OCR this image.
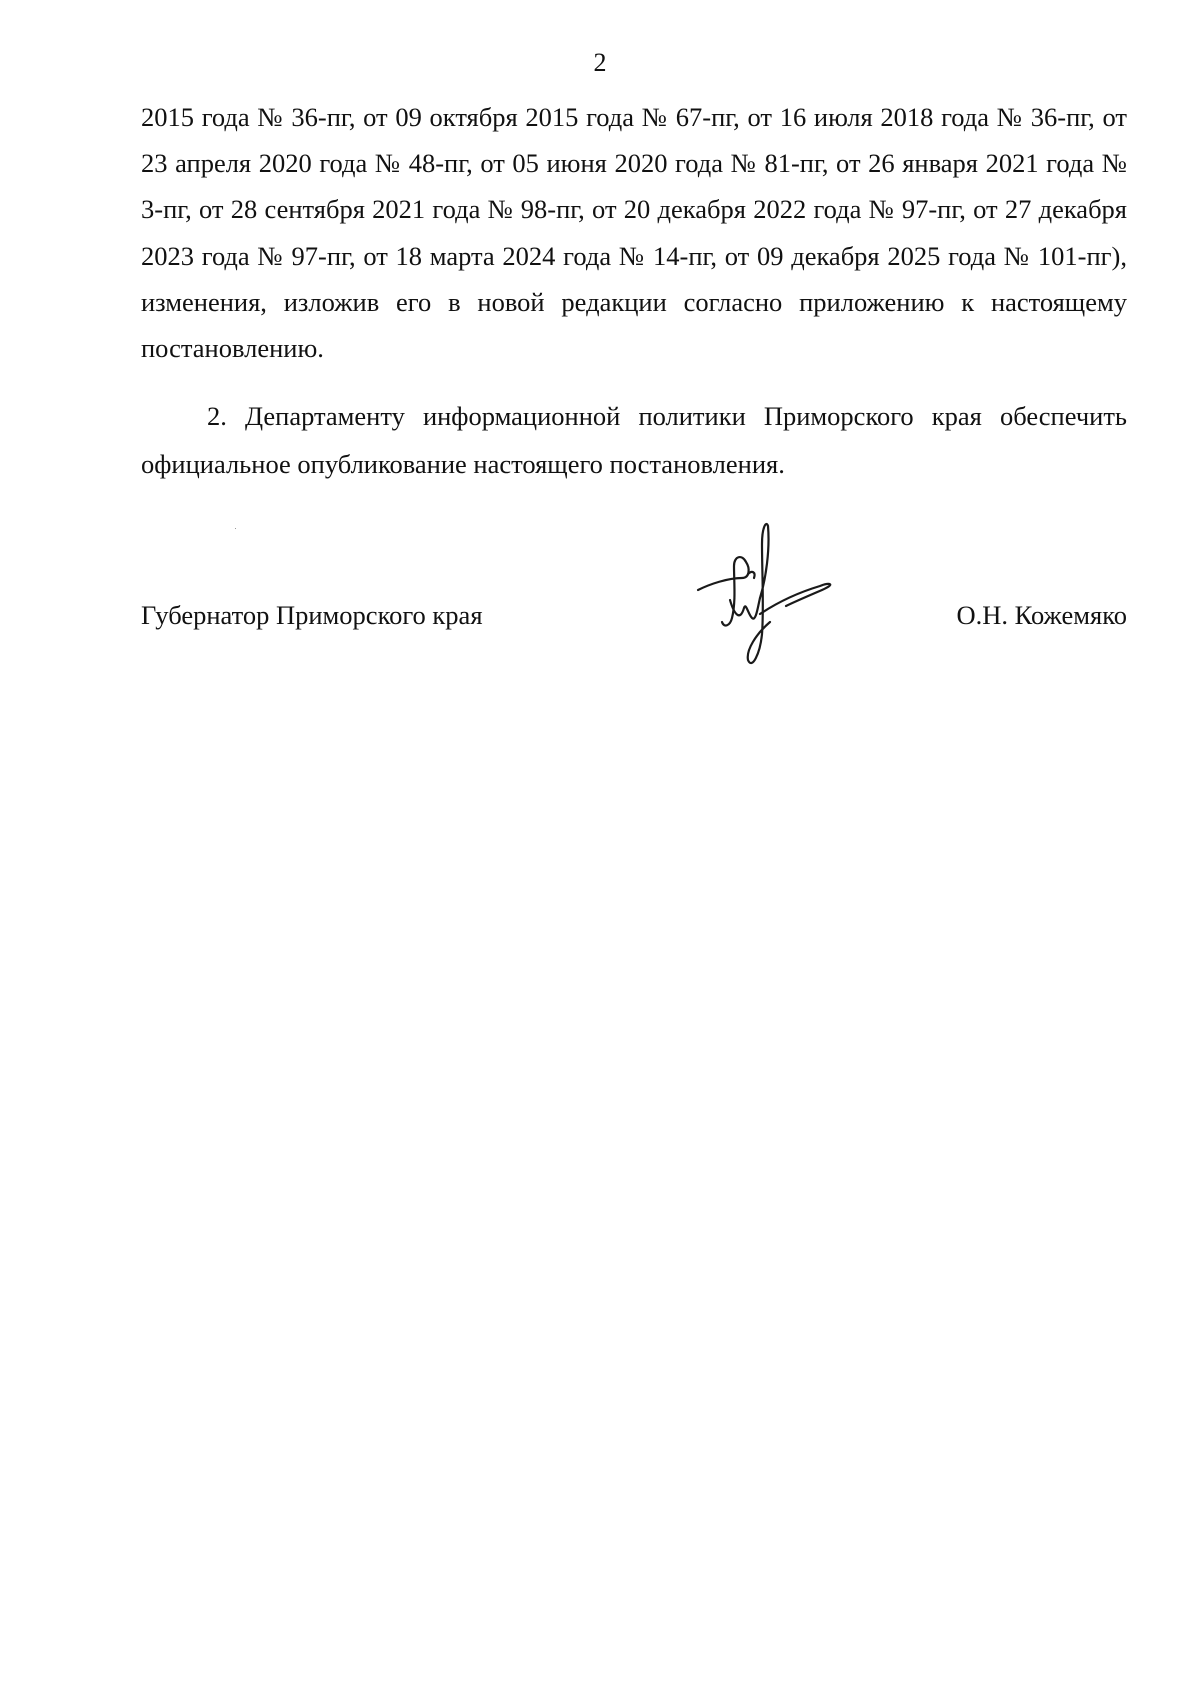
2

2015 года № 36-пг, от 09 октября 2015 года № 67-пг, от 16 июля 2018 года № 36-пг, от 23 апреля 2020 года № 48-пг, от 05 июня 2020 года № 81-пг, от 26 января 2021 года № 3-пг, от 28 сентября 2021 года № 98-пг, от 20 декабря 2022 года № 97-пг, от 27 декабря 2023 года № 97-пг, от 18 марта 2024 года № 14-пг, от 09 декабря 2025 года № 101-пг), изменения, изложив его в новой редакции согласно приложению к настоящему постановлению.

2. Департаменту информационной политики Приморского края обеспечить официальное опубликование настоящего постановления.

Губернатор Приморского края	О.Н. Кожемяко
